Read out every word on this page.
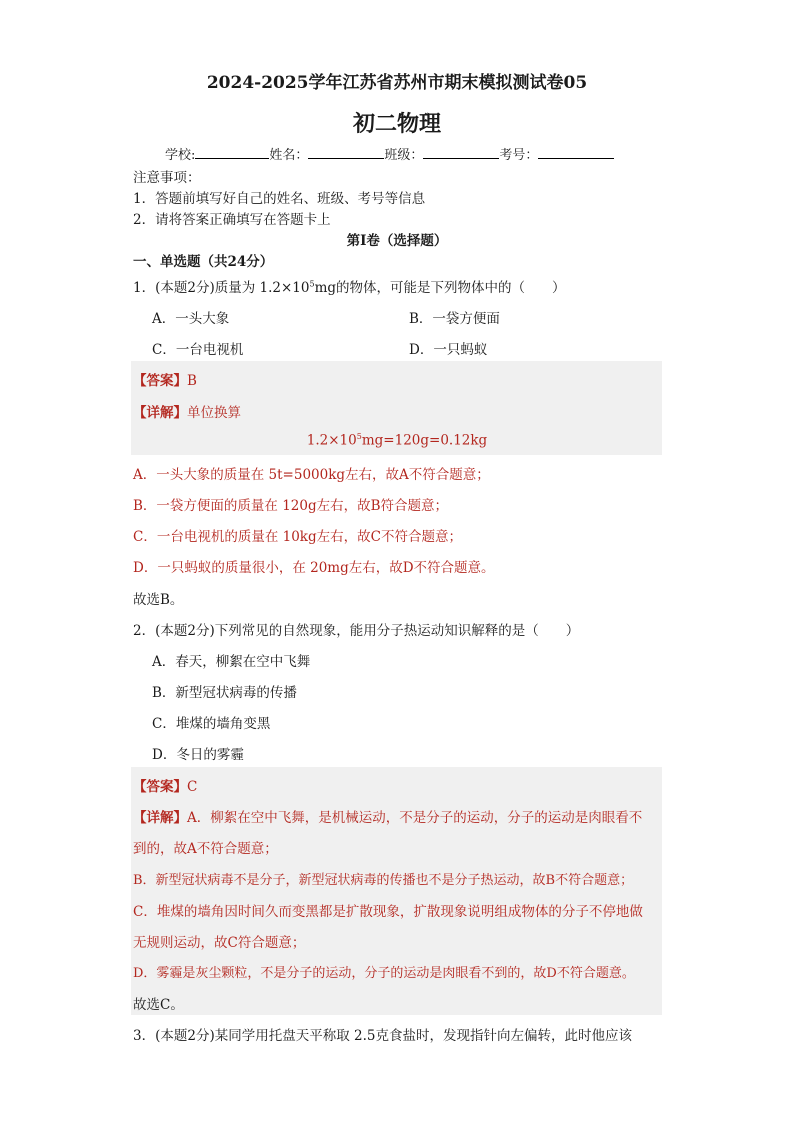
2024-2025学年江苏省苏州市期末模拟测试卷05
初二物理
学校:	姓名：	班级：	考号：
注意事项：
1．答题前填写好自己的姓名、班级、考号等信息
2．请将答案正确填写在答题卡上
第I卷（选择题）
一、单选题（共24分）
1．(本题2分)质量为 $1.2\times 10^5mg$的物体，可能是下列物体中的（　　）
A．一头大象	B．一袋方便面
C．一台电视机	D．一只蚂蚁
【答案】B
【详解】单位换算
$1.2\times 10^5mg=120g=0.12kg$
A．一头大象的质量在 5t=5000kg左右，故A不符合题意；
B．一袋方便面的质量在 120g左右，故B符合题意；
C．一台电视机的质量在 10kg左右，故C不符合题意；
D．一只蚂蚁的质量很小，在 20mg左右，故D不符合题意。
故选B。
2．(本题2分)下列常见的自然现象，能用分子热运动知识解释的是（　　）
A．春天，柳絮在空中飞舞
B．新型冠状病毒的传播
C．堆煤的墙角变黑
D．冬日的雾霾
【答案】C
【详解】A．柳絮在空中飞舞，是机械运动，不是分子的运动，分子的运动是肉眼看不
到的，故A不符合题意；
B．新型冠状病毒不是分子，新型冠状病毒的传播也不是分子热运动，故B不符合题意；
C．堆煤的墙角因时间久而变黑都是扩散现象，扩散现象说明组成物体的分子不停地做
无规则运动，故C符合题意；
D．雾霾是灰尘颗粒，不是分子的运动，分子的运动是肉眼看不到的，故D不符合题意。
故选C。
3．(本题2分)某同学用托盘天平称取 2.5克食盐时，发现指针向左偏转，此时他应该
